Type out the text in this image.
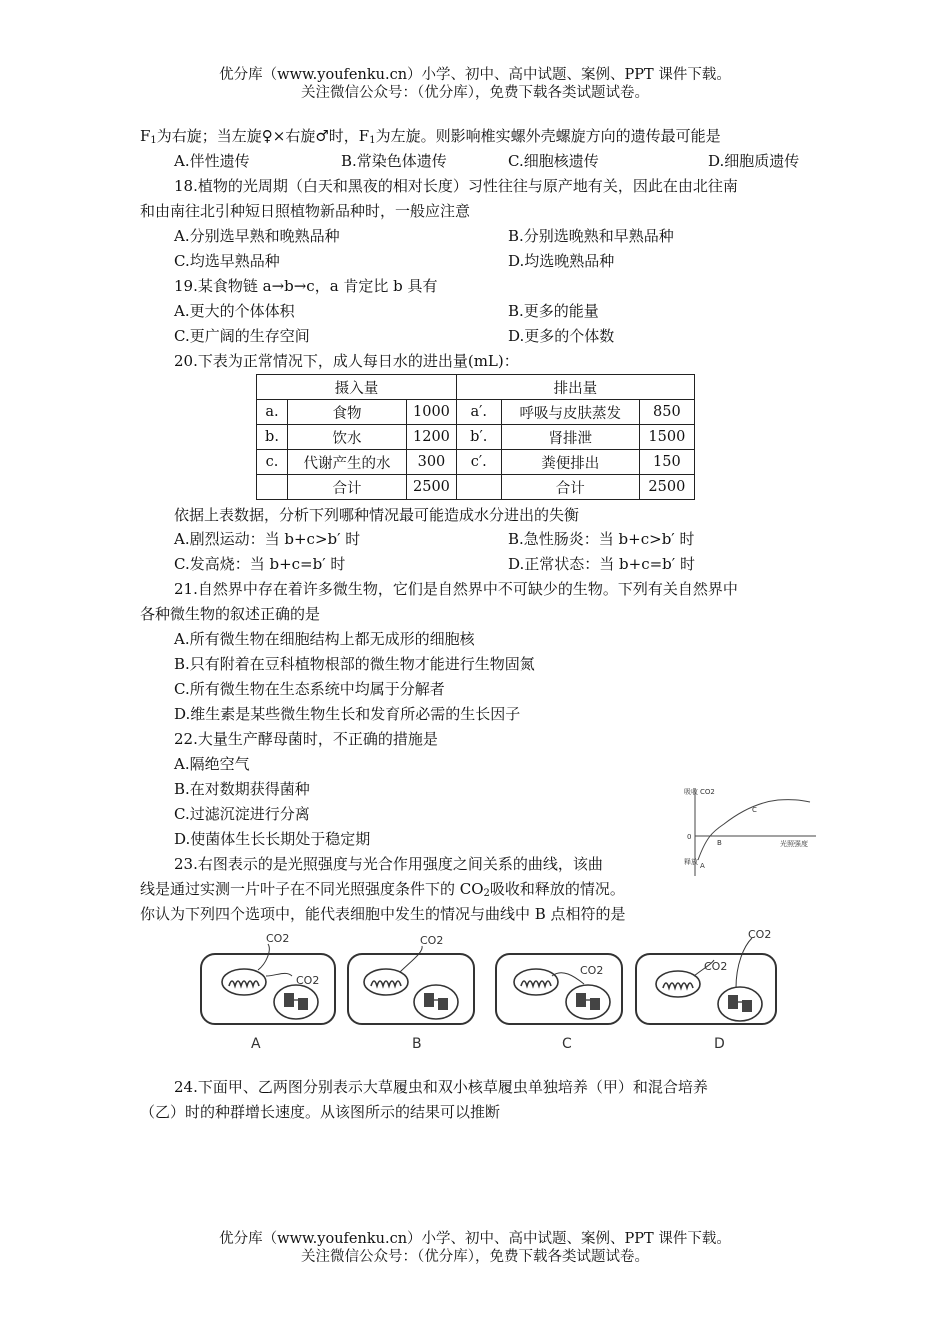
优分库（www.youfenku.cn）小学、初中、高中试题、案例、PPT 课件下载。
关注微信公众号：（优分库），免费下载各类试题试卷。
$F_1$为右旋；当左旋♀×右旋♂时，$F_1$为左旋。则影响椎实螺外壳螺旋方向的遗传最可能是
A.伴性遗传	B.常染色体遗传	C.细胞核遗传	D.细胞质遗传
18.植物的光周期（白天和黑夜的相对长度）习性往往与原产地有关，因此在由北往南
和由南往北引种短日照植物新品种时，一般应注意
A.分别选早熟和晚熟品种	B.分别选晚熟和早熟品种
C.均选早熟品种	D.均选晚熟品种
19.某食物链 a→b→c，a 肯定比 b 具有
A.更大的个体体积	B.更多的能量
C.更广阔的生存空间	D.更多的个体数
20.下表为正常情况下，成人每日水的进出量(mL)：
摄入量			排出量		
a.	食物	1000	a′.	呼吸与皮肤蒸发	850
b.	饮水	1200	b′.	肾排泄	1500
c.	代谢产生的水	300	c′.	粪便排出	150
	合计	2500		合计	2500
依据上表数据，分析下列哪种情况最可能造成水分进出的失衡
A.剧烈运动：当 b+c>b′ 时	B.急性肠炎：当 b+c>b′ 时
C.发高烧：当 b+c=b′ 时	D.正常状态：当 b+c=b′ 时
21.自然界中存在着许多微生物，它们是自然界中不可缺少的生物。下列有关自然界中
各种微生物的叙述正确的是
A.所有微生物在细胞结构上都无成形的细胞核
B.只有附着在豆科植物根部的微生物才能进行生物固氮
C.所有微生物在生态系统中均属于分解者
D.维生素是某些微生物生长和发育所必需的生长因子
22.大量生产酵母菌时，不正确的措施是
A.隔绝空气
B.在对数期获得菌种
C.过滤沉淀进行分离
D.使菌体生长长期处于稳定期
吸收 CO2
释放
0
光照强度
A
B
C
23.右图表示的是光照强度与光合作用强度之间关系的曲线，该曲
线是通过实测一片叶子在不同光照强度条件下的 $CO_2$吸收和释放的情况。
你认为下列四个选项中，能代表细胞中发生的情况与曲线中 B 点相符的是
CO2
CO2
A
CO2
B
CO2
C
CO2
CO2
D
24.下面甲、乙两图分别表示大草履虫和双小核草履虫单独培养（甲）和混合培养
（乙）时的种群增长速度。从该图所示的结果可以推断
优分库（www.youfenku.cn）小学、初中、高中试题、案例、PPT 课件下载。
关注微信公众号：（优分库），免费下载各类试题试卷。
